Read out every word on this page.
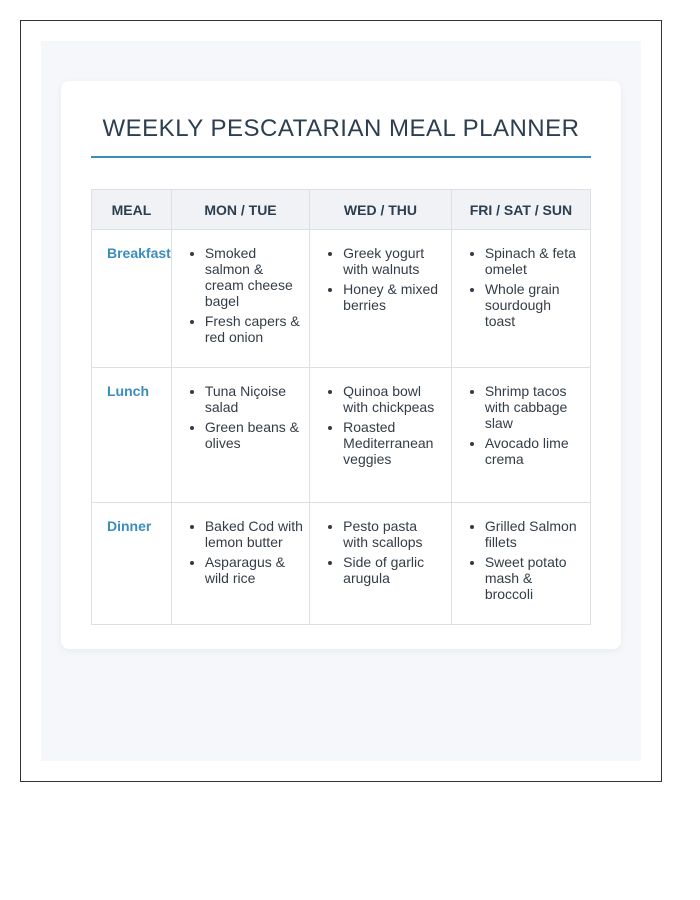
WEEKLY PESCATARIAN MEAL PLANNER
MEAL	MON / TUE	WED / THU	FRI / SAT / SUN
Breakfast	
•Smoked salmon & cream cheese bagel
• Fresh capers & red onion

• Greek yogurt with walnuts
• Honey & mixed berries

• Spinach & feta omelet
• Whole grain sourdough toast

Lunch	
•Tuna Niçoise salad
• Green beans & olives

• Quinoa bowl with chickpeas
• Roasted Mediterranean veggies

• Shrimp tacos with cabbage slaw
• Avocado lime crema

Dinner	
•Baked Cod with lemon butter
• Asparagus & wild rice

• Pesto pasta with scallops
• Side of garlic arugula

• Grilled Salmon fillets
• Sweet potato mash & broccoli
